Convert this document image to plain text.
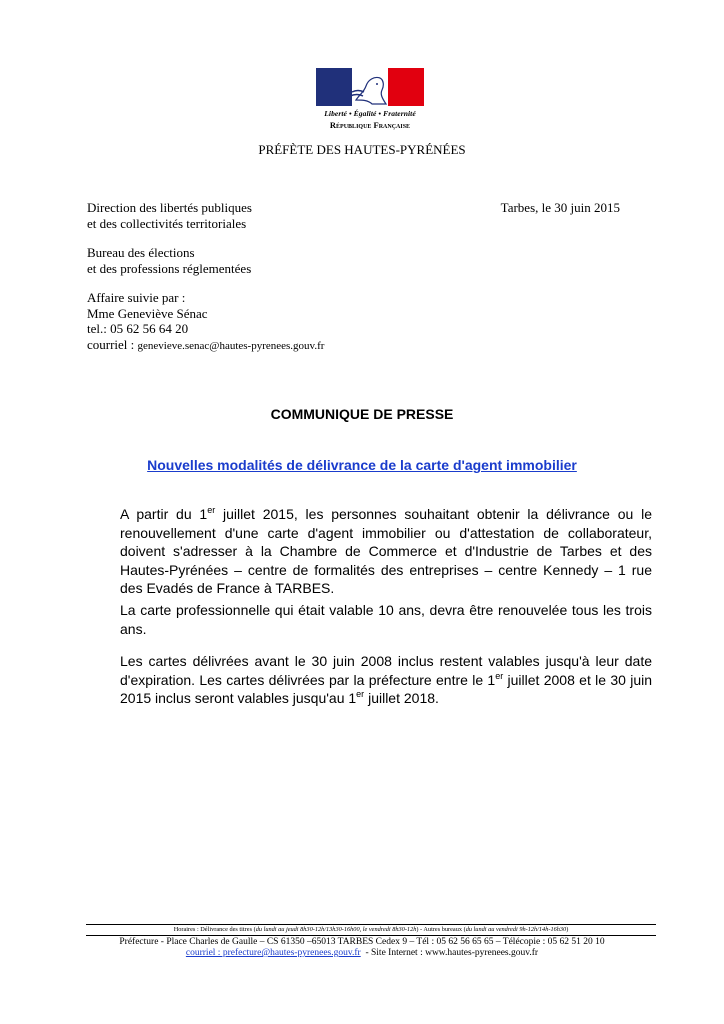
Liberté • Égalité • Fraternité
République Française
PRÉFÈTE DES HAUTES-PYRÉNÉES
Direction des libertés publiques
et des collectivités territoriales
Bureau des élections
et des professions réglementées
Affaire suivie par :
Mme Geneviève Sénac
tel.: 05 62 56 64 20
courriel : genevieve.senac@hautes-pyrenees.gouv.fr
Tarbes, le 30 juin 2015
COMMUNIQUE DE PRESSE
Nouvelles modalités de délivrance de la carte d'agent immobilier
A partir du 1er juillet 2015, les personnes souhaitant obtenir la délivrance ou le renouvellement d'une carte d'agent immobilier ou d'attestation de collaborateur, doivent s'adresser à la Chambre de Commerce et d'Industrie de Tarbes et des Hautes-Pyrénées – centre de formalités des entreprises – centre Kennedy – 1 rue des Evadés de France à TARBES.
La carte professionnelle qui était valable 10 ans, devra être renouvelée tous les trois ans.
Les cartes délivrées avant le 30 juin 2008 inclus restent valables jusqu'à leur date d'expiration. Les cartes délivrées par la préfecture entre le 1er juillet 2008 et le 30 juin 2015 inclus seront valables jusqu'au 1er juillet 2018.
Horaires : Délivrance des titres (du lundi au jeudi 8h30-12h/13h30-16h00, le vendredi 8h30-12h) - Autres bureaux (du lundi au vendredi 9h-12h/14h-16h30)
Préfecture - Place Charles de Gaulle – CS 61350 –65013 TARBES Cedex 9 – Tél : 05 62 56 65 65 – Télécopie : 05 62 51 20 10
courriel : prefecture@hautes-pyrenees.gouv.fr  - Site Internet : www.hautes-pyrenees.gouv.fr
